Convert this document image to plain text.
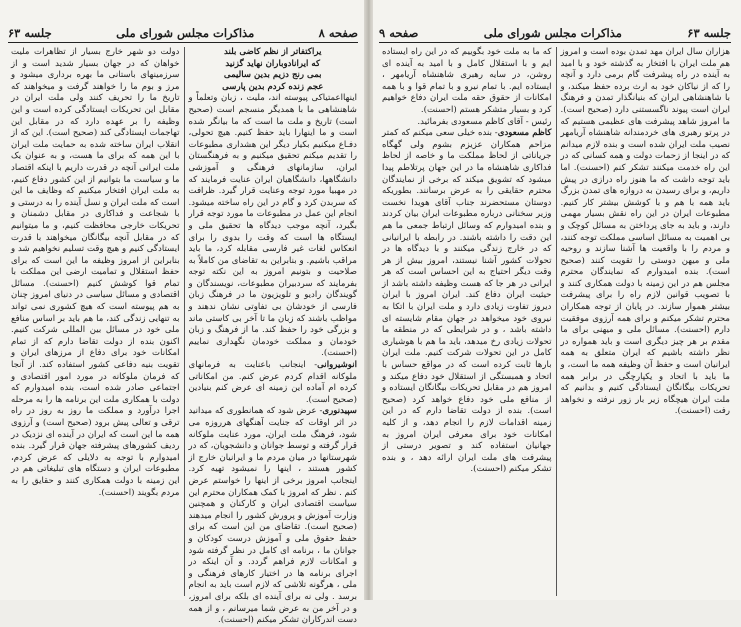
صفحه ۸
مذاکرات مجلس شورای ملی
جلسه ۶۳

یراکتفاتر از نظم کاضی بلند

که ایرانادوباران نهاید گزنید

بمی رنج دزیم بدین سالیمی

عجم زنده کردم بدین پارسی

اینهااعمتیاکی پیوسته اند، ملیت ، زبان وتعلماً و شاهنشاهی ما با همدیگر منسجم است (صحیح است) تاریخ و ملت ما است که ما بیانگر شده است و ما اینهارا باید حفظ کنیم. هیچ تحولی، دفـاع میکنیم بکیار دیگر این هشداری مطبوعات را تقدیم میکنم تحقیق میکنیم و به فرهنگستان ایران، سازمانهای فرهنگی و آموزشی دانشگاهها، دانشگاهیان ایران عنایت فرمایند که در مهبیا مورد توجه وعنایت قرار گیرد. ظرافت که سربدن کرد و گام در این راه ساخته میشود. انجام این عمل در مطبوعات ما مورد توجه قرار بگیرد، آنچه موجب دیدگاه ها تحقیق ملی و ایستگاه ها است که وقت را بدوی را برای انعکاس لغات غیر فارسی مقابله کرد، ما باید مراقب باشیم. و بنابراین به تقاضای من کاملاً به صلاحیت و بتونیم امروز به این نکته توجه بفرمایند که سردبیران مطبوعات، نویسندگان و گویندگان رادیو و تلویزیون ما در فرهنگ زبان فارسی از خودشان بی تفاوتی نشان ندهند و مواظب باشند که زبان ما تا آخر بی کاستی ماند و بزرگی خود را حفظ کند. ما از فرهنگ و زبان خودمان و مملکت خودمان نگهداری نماییم (احسنت).

انوشیروانی- اینجانب باعنایت به فرمانهای ملوکانه اقدام کردم عرض کنم. من امکاناتی کرده ام آماده این زمینه ای عرض کنم بنیادین (صحیح است).

سپیدنوری- عرض شود که همانطوری که میدانید در اثر اوقات که جنایت آهنگهای هرروزه می شود، فرهنگ ملت ایران، مورد عنایت ملوکانه قرار گرفته و توسط جوانان و دانشجویان، که در شهرستانها در میان مردم ما و ایرانیان خارج از کشور هستند ، اینها را نمیشود تهیه کرد. اینجانب امروز برخی از اینها را خواستم عرض کنم . نظر که امروز با کمک همکاران محترم این سیاست اقتصادی ایران و کارکنان و همچنین وزارت آموزش و پرورش کشور را انجام میدهند (صحیح است). تقاضای من این است که برای حفظ حقوق ملی و آموزش درست کودکان و جوانان ما ، برنامه ای کامل در نظر گرفته شود و امکانات لازم فراهم گردد. و آن اینکه در اجرای برنامه ها در اختیار کارهای فرهنگی و ملی ، هرگونه تلاشی که لازم است باید به انجام برسد . ولی نه برای آینده ای بلکه برای امروز، و در آخر من به عرض شما میرسانم ، و از همه دست اندرکاران تشکر میکنم (احسنت).

دولت دو شهر خارج بسیار از تظاهرات ملیت خواهان که در جهان بسیار شدید است و از سرزمینهای باستانی ما بهره برداری میشود و مرز و بوم ما را خواهند گرفت و میخواهند که تاریخ ما را تحریف کنند ولی ملت ایران در مقابل این تحریکات ایستادگی کرده است و این وظیفه را بر عهده دارد که در مقابل این تهاجمات ایستادگی کند (صحیح است). این که از انقلاب ایران ساخته شده به حمایت ملت ایران با این همه که برای ما هست، و به عنوان یک ملت ایرانی آنچه در قدرت داریم با اینکه اقتصاد ما و سیاست ما بتوانیم از این کشور دفاع کنیم، به ملت ایران افتخار میکنیم که وظایف ما این است که ملت ایران و نسل آینده را به درستی و با شجاعت و فداکاری در مقابل دشمنان و تحریکات خارجی محافظت کنیم، و ما میتوانیم که در مقابل آنچه بیگانگان میخواهند با قدرت ایستادگی کنیم و هیچ وقت تسلیم نخواهیم شد و بنابراین از امروز وظیفه ما این است که برای حفظ استقلال و تمامیت ارضی این مملکت با تمام قوا کوشش کنیم (احسنت). مسائل اقتصادی و مسائل سیاسی در دنیای امروز چنان به هم پیوسته است که هیچ کشوری نمی تواند به تنهایی زندگی کند، ما هم باید بر اساس منافع ملی خود در مسائل بین المللی شرکت کنیم. اکنون بنده از دولت تقاضا دارم که از تمام امکانات خود برای دفاع از مرزهای ایران و تقویت بنیه دفاعی کشور استفاده کند. از آنجا که فرمان ملوکانه در مورد امور اقتصادی و اجتماعی صادر شده است، بنده امیدوارم که دولت با همکاری ملت این برنامه ها را به مرحله اجرا درآورد و مملکت ما روز به روز در راه ترقی و تعالی پیش برود (صحیح است) و آرزوی همه ما این است که ایران در آینده ای نزدیک در ردیف کشورهای پیشرفته جهان قرار گیرد. بنده امیدوارم با توجه به دلایلی که عرض کردم، مطبوعات ایران و دستگاه های تبلیغاتی هم در این زمینه با دولت همکاری کنند و حقایق را به مردم بگویند (احسنت).

جلسه ۶۳
مذاکرات مجلس شورای ملی
صفحه ۹

هزاران سال ایران مهد تمدن بوده است و امروز هم ملت ایران با افتخار به گذشته خود و با امید به آینده در راه پیشرفت گام برمی دارد و آنچه را که از نیاکان خود به ارث برده حفظ میکند، و با شاهنشاهی ایران که بنیانگذار تمدن و فرهنگ ایران است پیوند ناگسستنی دارد (صحیح است). ما امروز شاهد پیشرفت های عظیمی هستیم که در پرتو رهبری های خردمندانه شاهنشاه آریامهر نصیب ملت ایران شده است و بنده لازم میدانم که در اینجا از زحمات دولت و همه کسانی که در این راه خدمت میکنند تشکر کنم (احسنت). اما باید توجه داشت که ما هنوز راه درازی در پیش داریم، و برای رسیدن به دروازه های تمدن بزرگ باید همه با هم و با کوشش بیشتر کار کنیم. مطبوعات ایران در این راه نقش بسیار مهمی دارند، و باید به جای پرداختن به مسائل کوچک و بی اهمیت به مسائل اساسی مملکت توجه کنند، و مردم را با واقعیت ها آشنا سازند و روحیه ملی و میهن دوستی را تقویت کنند (صحیح است). بنده امیدوارم که نمایندگان محترم مجلس هم در این زمینه با دولت همکاری کنند و با تصویب قوانین لازم راه را برای پیشرفت بیشتر هموار سازند. در پایان از توجه همکاران محترم تشکر میکنم و برای همه آرزوی موفقیت دارم (احسنت). مسائل ملی و میهنی برای ما مقدم بر هر چیز دیگری است و باید همواره در نظر داشته باشیم که ایران متعلق به همه ایرانیان است و حفظ آن وظیفه همه ما است، و ما باید با اتحاد و یکپارچگی در برابر همه تحریکات بیگانگان ایستادگی کنیم و بدانیم که ملت ایران هیچگاه زیر بار زور نرفته و نخواهد رفت (احسنت).

که ما به ملت خود بگوییم که در این راه ایستاده ایم و با استقلال کامل و با امید به آینده ای روشن، در سایه رهبری شاهنشاه آریامهر ، ایستاده ایم. با تمام نیرو و با تمام قوا و با همه امکانات از حقوق حقه ملت ایران دفاع خواهیم کرد و بسیار متشکر هستم (احسنت).

رئیس - آقای کاظم مسعودی بفرمائید.

کاظم مسعودی- بنده خیلی سعی میکنم که کمتر مزاحم همکاران عزیزم بشوم ولی گهگاه جریاناتی از لحاظ مملکت ما و خاصه از لحاظ فداکاری شاهنشاه ما در این جهان پرتلاطم پیدا میشود که تشویق میکند که برخی از نمایندگان محترم حقایقی را به عرض برسانند. بطوریکه دوستان مستحضرند جناب آقای هویدا نخست وزیر سخنانی درباره مطبوعات ایران بیان کردند و بنده امیدوارم که وسائل ارتباط جمعی ما هم این دقت را داشته باشند. در رابطه با ایرانیانی که در خارج زندگی میکنند و با دیدگاه ها در تحولات کشور آشنا نیستند، امروز بیش از هر وقت دیگر احتیاج به این احساس است که هر ایرانی در هر جا که هست وظیفه داشته باشد از حیثیت ایران دفاع کند. ایران امروز با ایران دیروز تفاوت زیادی دارد و ملت ایران با اتکا به نیروی خود میخواهد در جهان مقام شایسته ای داشته باشد ، و در شرایطی که در منطقه ما تحولات زیادی رخ میدهد، باید ما هم با هوشیاری کامل در این تحولات شرکت کنیم. ملت ایران بارها ثابت کرده است که در مواقع حساس با اتحاد و همبستگی از استقلال خود دفاع میکند و امروز هم در مقابل تحریکات بیگانگان ایستاده و از منافع ملی خود دفاع خواهد کرد (صحیح است). بنده از دولت تقاضا دارم که در این زمینه اقدامات لازم را انجام دهد، و از کلیه امکانات خود برای معرفی ایران امروز به جهانیان استفاده کند و تصویر درستی از پیشرفت های ملت ایران ارائه دهد ، و بنده تشکر میکنم (احسنت).
